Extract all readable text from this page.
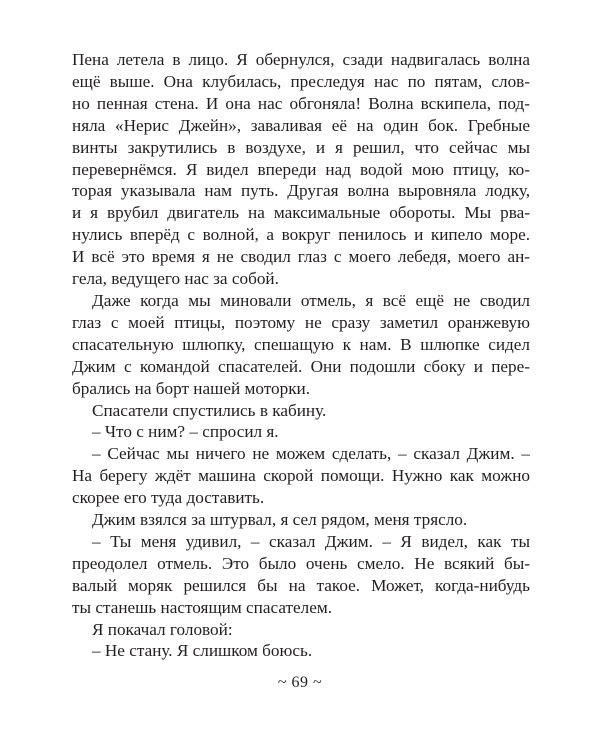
Пена летела в лицо. Я обернулся, сзади надвигалась волна
ещё выше. Она клубилась, преследуя нас по пятам, слов-
но пенная стена. И она нас обгоняла! Волна вскипела, под-
няла «Нерис Джейн», заваливая её на один бок. Гребные
винты закрутились в воздухе, и я решил, что сейчас мы
перевернёмся. Я видел впереди над водой мою птицу, ко-
торая указывала нам путь. Другая волна выровняла лодку,
и я врубил двигатель на максимальные обороты. Мы рва-
нулись вперёд с волной, а вокруг пенилось и кипело море.
И всё это время я не сводил глаз с моего лебедя, моего ан-
гела, ведущего нас за собой.
Даже когда мы миновали отмель, я всё ещё не сводил
глаз с моей птицы, поэтому не сразу заметил оранжевую
спасательную шлюпку, спешащую к нам. В шлюпке сидел
Джим с командой спасателей. Они подошли сбоку и пере-
брались на борт нашей моторки.
Спасатели спустились в кабину.
– Что с ним? – спросил я.
– Сейчас мы ничего не можем сделать, – сказал Джим. –
На берегу ждёт машина скорой помощи. Нужно как можно
скорее его туда доставить.
Джим взялся за штурвал, я сел рядом, меня трясло.
– Ты меня удивил, – сказал Джим. – Я видел, как ты
преодолел отмель. Это было очень смело. Не всякий бы-
валый моряк решился бы на такое. Может, когда-нибудь
ты станешь настоящим спасателем.
Я покачал головой:
– Не стану. Я слишком боюсь.
~ 69 ~
